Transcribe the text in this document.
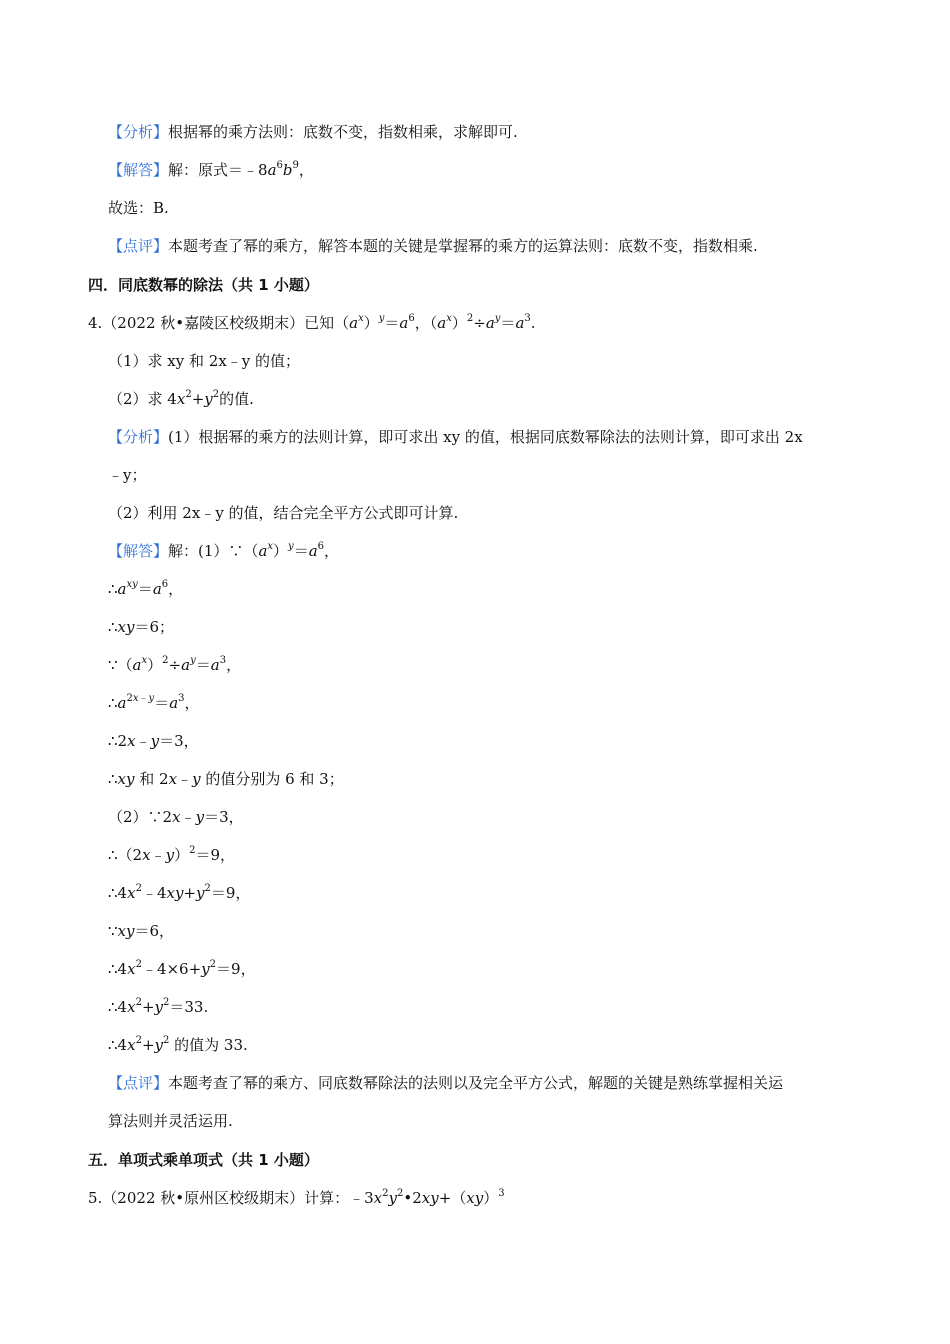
【分析】根据幂的乘方法则：底数不变，指数相乘，求解即可.
【解答】解：原式$=﹣8a^6b^9$，
故选：B.
【点评】本题考查了幂的乘方，解答本题的关键是掌握幂的乘方的运算法则：底数不变，指数相乘.
四．同底数幂的除法（共 1 小题）
4.（2022 秋•嘉陵区校级期末）已知$(a^x)^y=a^6$，$(a^x)^2\div a^y=a^3$.
（1）求 xy 和 2x﹣y 的值；
（2）求 $4x^2+y^2$的值.
【分析】(1）根据幂的乘方的法则计算，即可求出 xy 的值，根据同底数幂除法的法则计算，即可求出 2x
﹣y；
（2）利用 2x﹣y 的值，结合完全平方公式即可计算.
【解答】解：$(1)\because(a^x)^y=a^6$，
$\therefore a^{xy}=a^6$，
∴xy＝6；
$\because(a^x)^2\div a^y=a^3$，
$\therefore a^{2x﹣y}=a^3$，
∴2x﹣y＝3，
∴xy 和 2x﹣y 的值分别为 6 和 3；
（2）∵2x﹣y＝3，
∴（2x﹣y）$^2$＝9，
$\therefore 4x^2﹣4xy+y^2=9$，
∵xy＝6，
$\therefore 4x^2﹣4\times 6+y^2=9$，
$\therefore 4x^2+y^2=33$.
$\therefore 4x^2+y^2$ 的值为 33.
【点评】本题考查了幂的乘方、同底数幂除法的法则以及完全平方公式，解题的关键是熟练掌握相关运
算法则并灵活运用.
五．单项式乘单项式（共 1 小题）
5.（2022 秋•原州区校级期末）计算：$﹣3x^2y^2•2xy+(xy)^3$
